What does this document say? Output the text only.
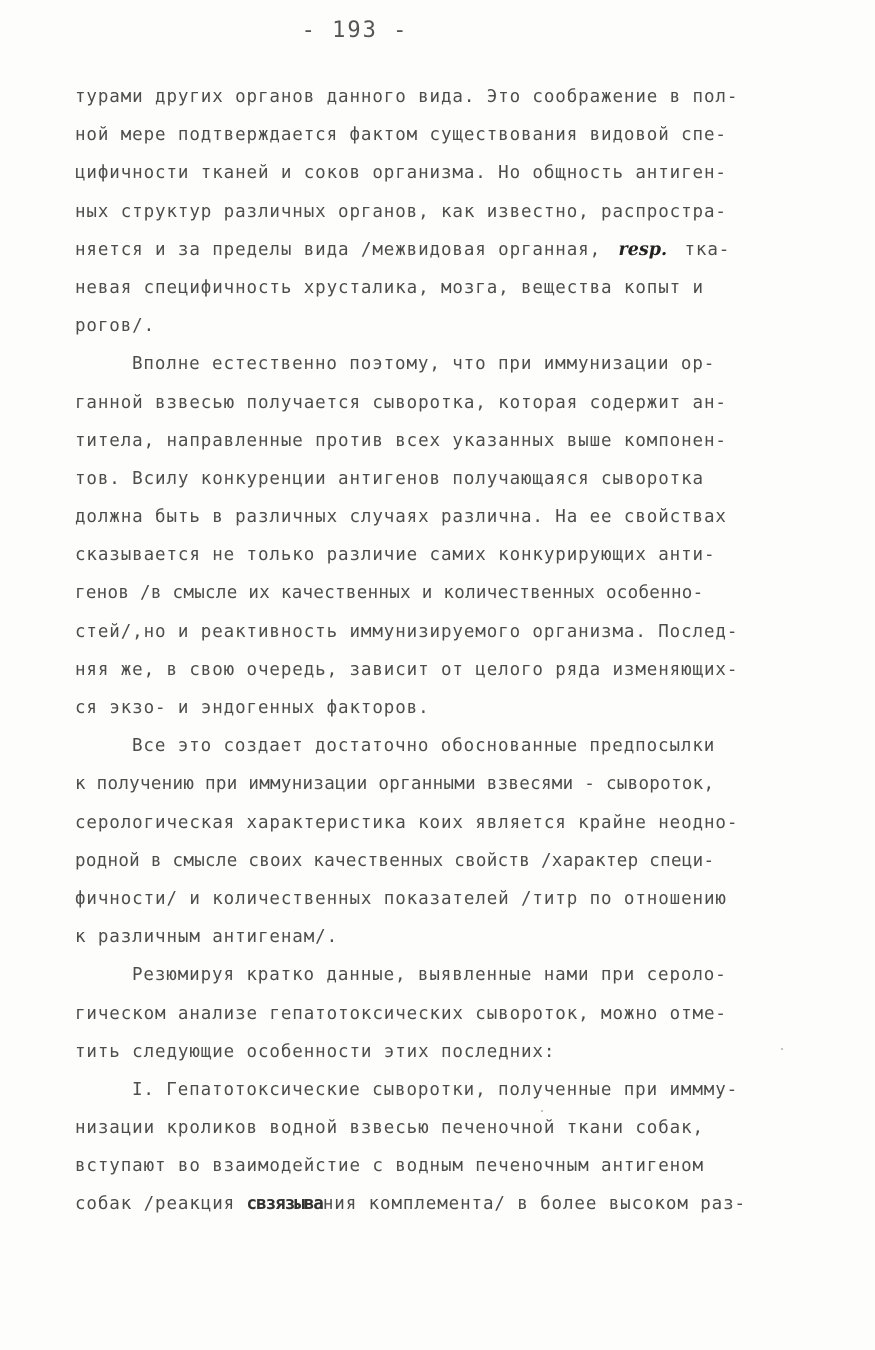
- 193 -
турами других органов данного вида. Это соображение в пол-
ной мере подтверждается фактом существования видовой спе-
цифичности тканей и соков организма. Но общность антиген-
ных структур различных органов, как известно, распростра-
няется и за пределы вида /межвидовая органная, resp. тка-
невая специфичность хрусталика, мозга, вещества копыт и
рогов/.
Вполне естественно поэтому, что при иммунизации ор-
ганной взвесью получается сыворотка, которая содержит ан-
титела, направленные против всех указанных выше компонен-
тов. Всилу конкуренции антигенов получающаяся сыворотка
должна быть в различных случаях различна. На ее свойствах
сказывается не только различие самих конкурирующих анти-
генов /в смысле их качественных и количественных особенно-
стей/,но и реактивность иммунизируемого организма. Послед-
няя же, в свою очередь, зависит от целого ряда изменяющих-
ся экзо- и эндогенных факторов.
Все это создает достаточно обоснованные предпосылки
к получению при иммунизации органными взвесями - сывороток,
серологическая характеристика коих является крайне неодно-
родной в смысле своих качественных свойств /характер специ-
фичности/ и количественных показателей /титр по отношению
к различным антигенам/.
Резюмируя кратко данные, выявленные нами при сероло-
гическом анализе гепатотоксических сывороток, можно отме-
тить следующие особенности этих последних:
I. Гепатотоксические сыворотки, полученные при иммму-
низации кроликов водной взвесью печеночной ткани собак,
вступают во взаимодейстие с водным печеночным антигеном
собак /реакция свзязывания комплемента/ в более высоком раз-
